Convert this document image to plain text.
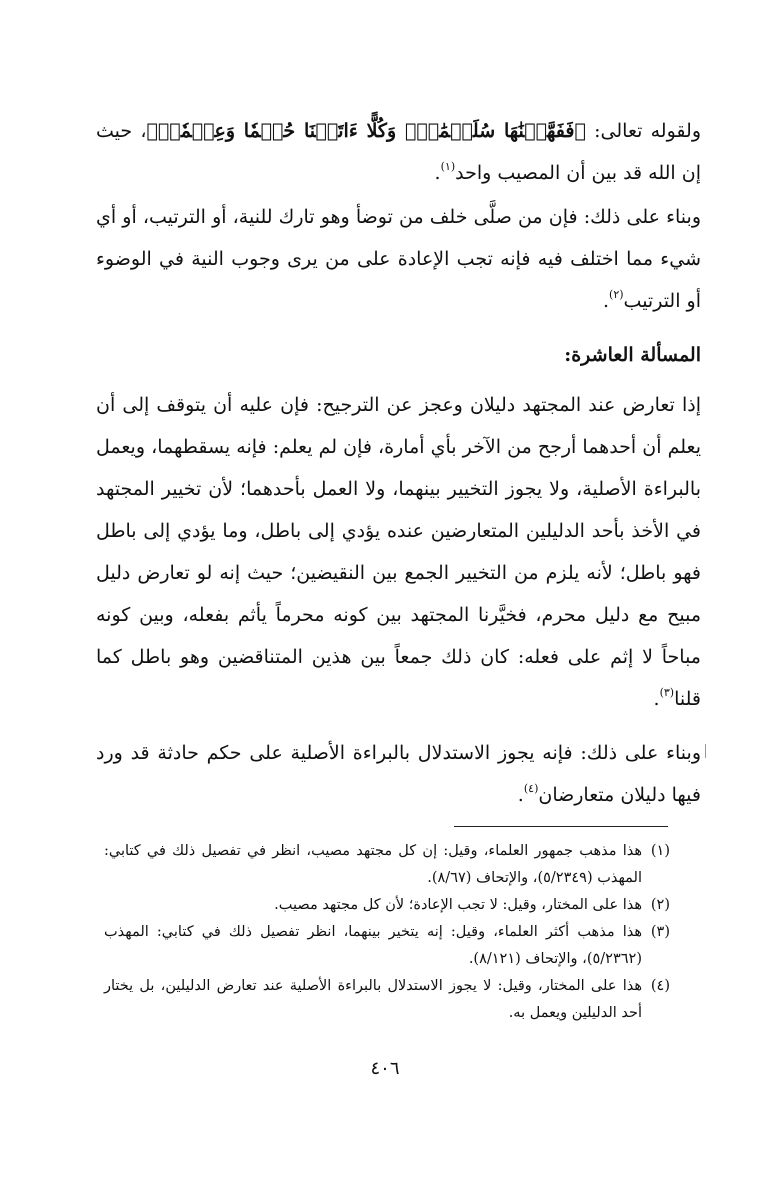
ولقوله تعالى: ﴿فَفَهَّمۡنَٰهَا سُلَيۡمَٰنَۚ وَكُلًّا ءَاتَيۡنَا حُكۡمٗا وَعِلۡمٗاۚ﴾، حيث إن الله قد بين أن المصيب واحد$^{(١)}$.

وبناء على ذلك: فإن من صلَّى خلف من توضأ وهو تارك للنية، أو الترتيب، أو أي شيء مما اختلف فيه فإنه تجب الإعادة على من يرى وجوب النية في الوضوء أو الترتيب$^{(٢)}$.

المسألة العاشرة:

إذا تعارض عند المجتهد دليلان وعجز عن الترجيح: فإن عليه أن يتوقف إلى أن يعلم أن أحدهما أرجح من الآخر بأي أمارة، فإن لم يعلم: فإنه يسقطهما، ويعمل بالبراءة الأصلية، ولا يجوز التخيير بينهما، ولا العمل بأحدهما؛ لأن تخيير المجتهد في الأخذ بأحد الدليلين المتعارضين عنده يؤدي إلى باطل، وما يؤدي إلى باطل فهو باطل؛ لأنه يلزم من التخيير الجمع بين النقيضين؛ حيث إنه لو تعارض دليل مبيح مع دليل محرم، فخيَّرنا المجتهد بين كونه محرماً يأثم بفعله، وبين كونه مباحاً لا إثم على فعله: كان ذلك جمعاً بين هذين المتناقضين وهو باطل كما قلنا$^{(٣)}$.

وبناء على ذلك: فإنه يجوز الاستدلال بالبراءة الأصلية على حكم حادثة قد ورد فيها دليلان متعارضان$^{(٤)}$.

(١)
هذا مذهب جمهور العلماء، وقيل: إن كل مجتهد مصيب، انظر في تفصيل ذلك في كتابي: المهذب (٥/٢٣٤٩)، والإتحاف (٨/٦٧).

(٢)
هذا على المختار، وقيل: لا تجب الإعادة؛ لأن كل مجتهد مصيب.

(٣)
هذا مذهب أكثر العلماء، وقيل: إنه يتخير بينهما، انظر تفصيل ذلك في كتابي: المهذب (٥/٢٣٦٢)، والإتحاف (٨/١٢١).

(٤)
هذا على المختار، وقيل: لا يجوز الاستدلال بالبراءة الأصلية عند تعارض الدليلين، بل يختار أحد الدليلين ويعمل به.

٤٠٦
